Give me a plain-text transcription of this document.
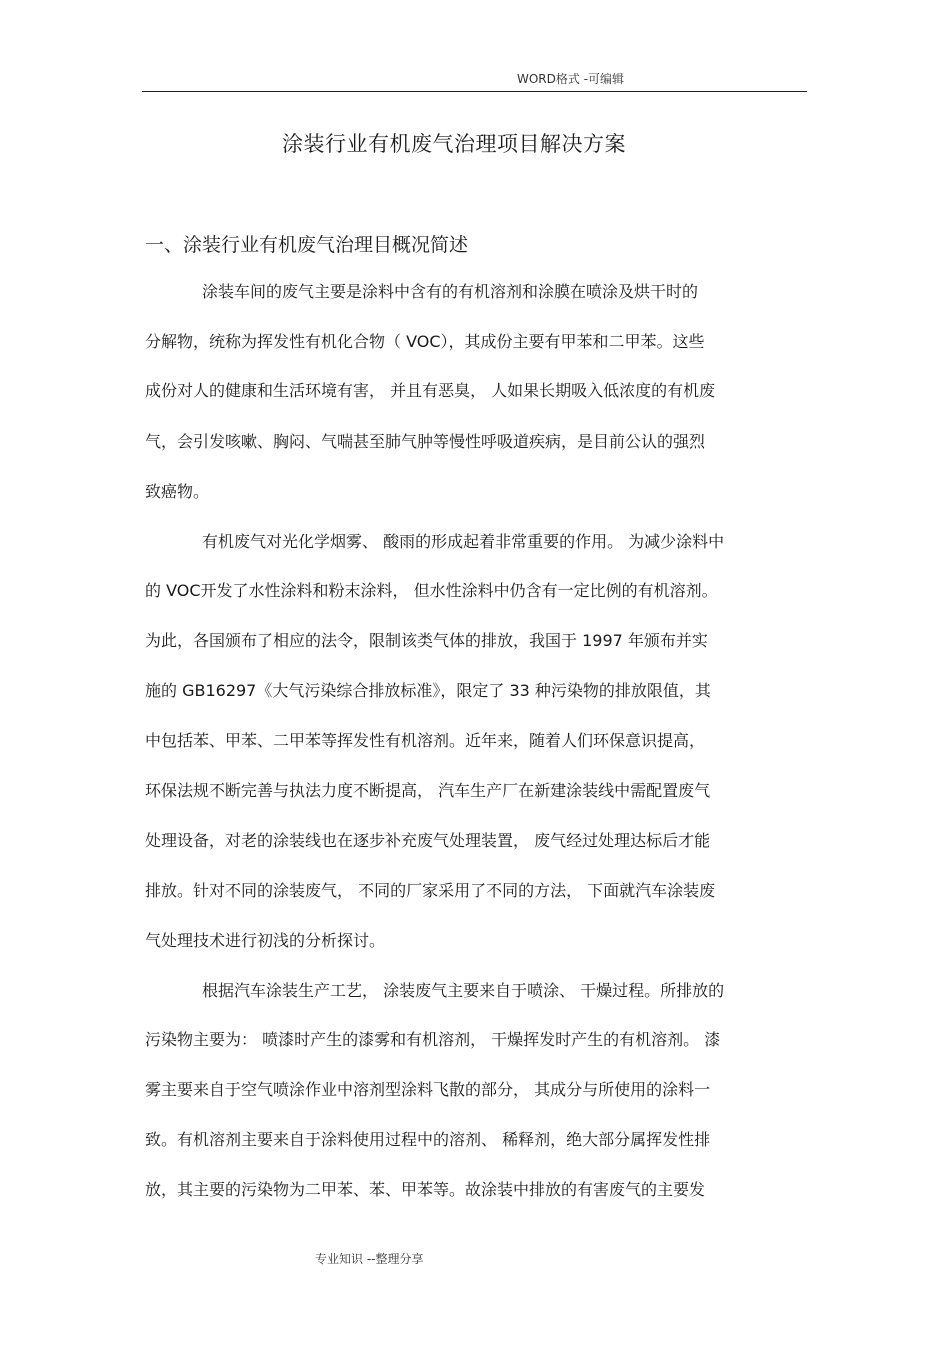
WORD格式 -可编辑
涂装行业有机废气治理项目解决方案
一、涂装行业有机废气治理目概况简述
涂装车间的废气主要是涂料中含有的有机溶剂和涂膜在喷涂及烘干时的
分解物，统称为挥发性有机化合物（ VOC），其成份主要有甲苯和二甲苯。这些
成份对人的健康和生活环境有害， 并且有恶臭， 人如果长期吸入低浓度的有机废
气，会引发咳嗽、胸闷、气喘甚至肺气肿等慢性呼吸道疾病，是目前公认的强烈
致癌物。
有机废气对光化学烟雾、 酸雨的形成起着非常重要的作用。 为减少涂料中
的 VOC开发了水性涂料和粉末涂料， 但水性涂料中仍含有一定比例的有机溶剂。
为此，各国颁布了相应的法令，限制该类气体的排放，我国于 1997 年颁布并实
施的 GB16297《大气污染综合排放标准》，限定了 33 种污染物的排放限值，其
中包括苯、甲苯、二甲苯等挥发性有机溶剂。近年来，随着人们环保意识提高，
环保法规不断完善与执法力度不断提高， 汽车生产厂在新建涂装线中需配置废气
处理设备，对老的涂装线也在逐步补充废气处理装置， 废气经过处理达标后才能
排放。针对不同的涂装废气， 不同的厂家采用了不同的方法， 下面就汽车涂装废
气处理技术进行初浅的分析探讨。
根据汽车涂装生产工艺， 涂装废气主要来自于喷涂、 干燥过程。所排放的
污染物主要为： 喷漆时产生的漆雾和有机溶剂， 干燥挥发时产生的有机溶剂。 漆
雾主要来自于空气喷涂作业中溶剂型涂料飞散的部分， 其成分与所使用的涂料一
致。有机溶剂主要来自于涂料使用过程中的溶剂、 稀释剂，绝大部分属挥发性排
放，其主要的污染物为二甲苯、苯、甲苯等。故涂装中排放的有害废气的主要发
专业知识 --整理分享
